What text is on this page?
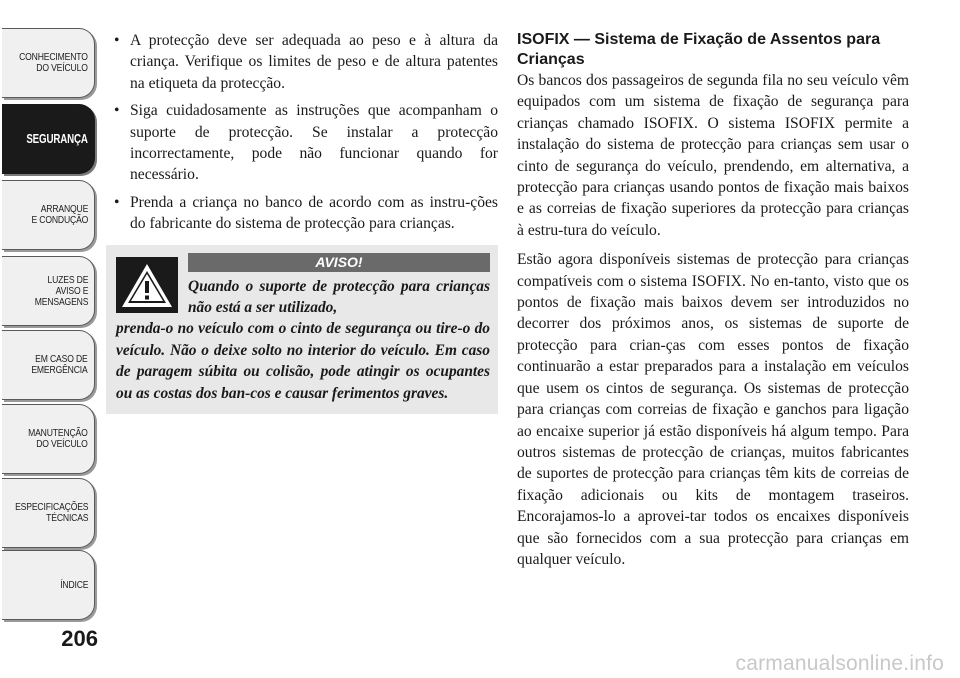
CONHECIMENTO
DO VEÍCULO
SEGURANÇA
ARRANQUE
E CONDUÇÃO
LUZES DE
AVISO E
MENSAGENS
EM CASO DE
EMERGÊNCIA
MANUTENÇÃO
DO VEÍCULO
ESPECIFICAÇÕES
TÉCNICAS
ÍNDICE
206
• A protecção deve ser adequada ao peso e à altura da criança. Verifique os limites de peso e de altura patentes na etiqueta da protecção.
• Siga cuidadosamente as instruções que acompanham o suporte de protecção. Se instalar a protecção incorrectamente, pode não funcionar quando for necessário.
• Prenda a criança no banco de acordo com as instru-ções do fabricante do sistema de protecção para crianças.
AVISO!
Quando o suporte de protecção para crianças não está a ser utilizado,
prenda-o no veículo com o cinto de segurança ou tire-o do veículo. Não o deixe solto no interior do veículo. Em caso de paragem súbita ou colisão, pode atingir os ocupantes ou as costas dos ban-cos e causar ferimentos graves.
ISOFIX — Sistema de Fixação de Assentos para Crianças

Os bancos dos passageiros de segunda fila no seu veículo vêm equipados com um sistema de fixação de segurança para crianças chamado ISOFIX. O sistema ISOFIX permite a instalação do sistema de protecção para crianças sem usar o cinto de segurança do veículo, prendendo, em alternativa, a protecção para crianças usando pontos de fixação mais baixos e as correias de fixação superiores da protecção para crianças à estru-tura do veículo.

Estão agora disponíveis sistemas de protecção para crianças compatíveis com o sistema ISOFIX. No en-tanto, visto que os pontos de fixação mais baixos devem ser introduzidos no decorrer dos próximos anos, os sistemas de suporte de protecção para crian-ças com esses pontos de fixação continuarão a estar preparados para a instalação em veículos que usem os cintos de segurança. Os sistemas de protecção para crianças com correias de fixação e ganchos para ligação ao encaixe superior já estão disponíveis há algum tempo. Para outros sistemas de protecção de crianças, muitos fabricantes de suportes de protecção para crianças têm kits de correias de fixação adicionais ou kits de montagem traseiros. Encorajamos-lo a aprovei-tar todos os encaixes disponíveis que são fornecidos com a sua protecção para crianças em qualquer veículo.

carmanualsonline.info
